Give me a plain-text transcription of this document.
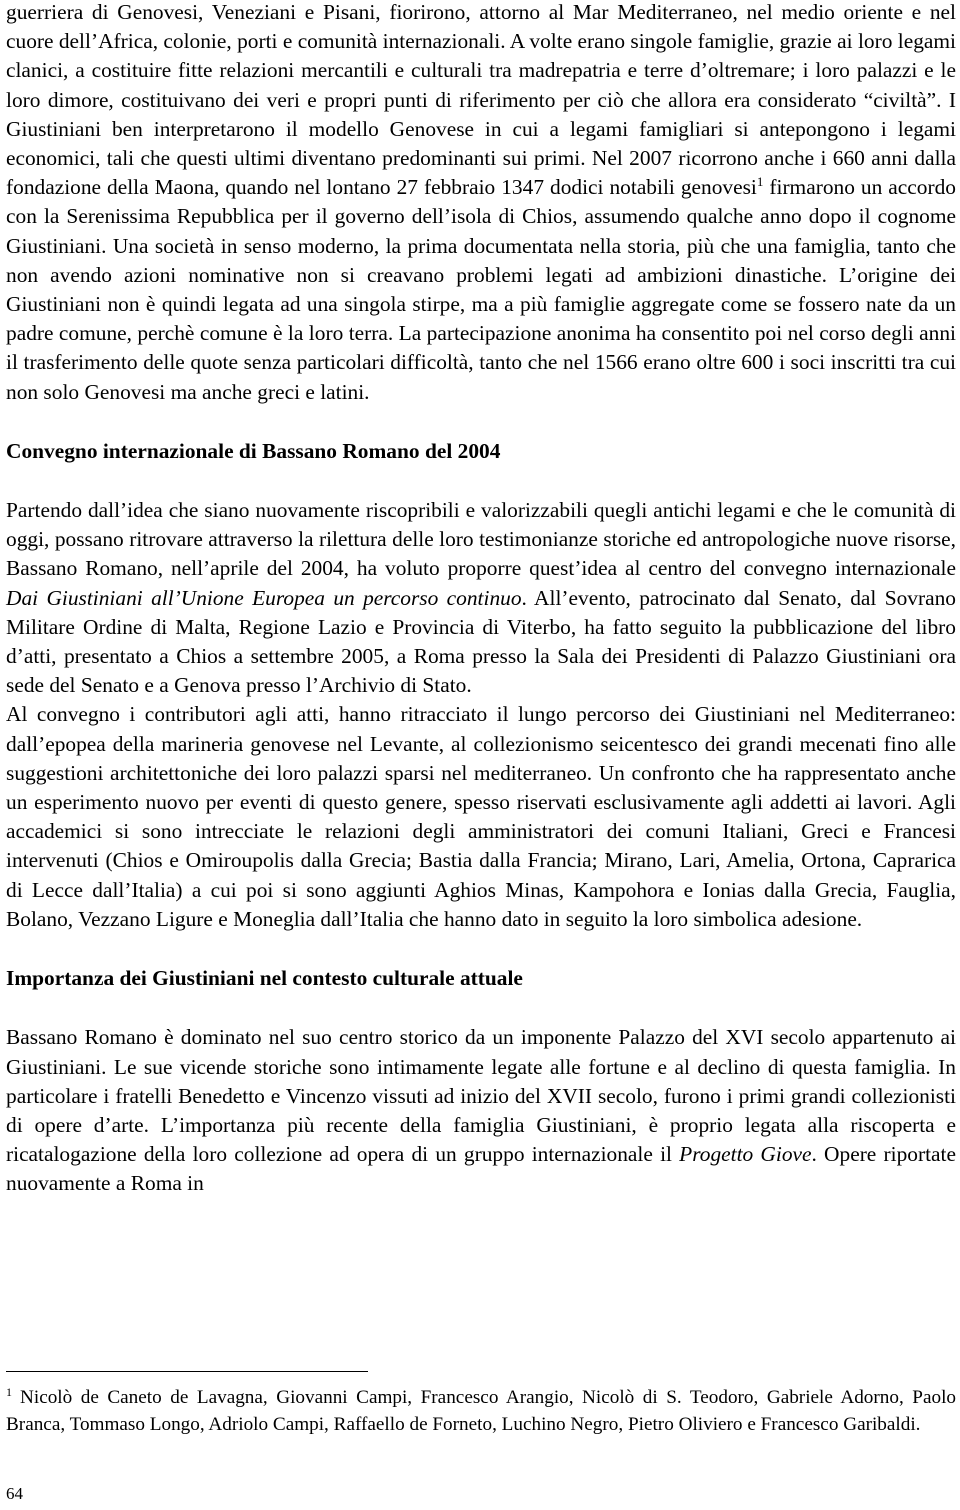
guerriera di Genovesi, Veneziani e Pisani, fiorirono, attorno al Mar Mediterraneo, nel medio oriente e nel cuore dell’Africa, colonie, porti e comunità internazionali. A volte erano singole famiglie, grazie ai loro legami clanici, a costituire fitte relazioni mercantili e culturali tra madrepatria e terre d’oltremare; i loro palazzi e le loro dimore, costituivano dei veri e propri punti di riferimento per ciò che allora era considerato “civiltà”. I Giustiniani ben interpretarono il modello Genovese in cui a legami famigliari si antepongono i legami economici, tali che questi ultimi diventano predominanti sui primi. Nel 2007 ricorrono anche i 660 anni dalla fondazione della Maona, quando nel lontano 27 febbraio 1347 dodici notabili genovesi$^1$ firmarono un accordo con la Serenissima Repubblica per il governo dell’isola di Chios, assumendo qualche anno dopo il cognome Giustiniani. Una società in senso moderno, la prima documentata nella storia, più che una famiglia, tanto che non avendo azioni nominative non si creavano problemi legati ad ambizioni dinastiche. L’origine dei Giustiniani non è quindi legata ad una singola stirpe, ma a più famiglie aggregate come se fossero nate da un padre comune, perchè comune è la loro terra. La partecipazione anonima ha consentito poi nel corso degli anni il trasferimento delle quote senza particolari difficoltà, tanto che nel 1566 erano oltre 600 i soci inscritti tra cui non solo Genovesi ma anche greci e latini.

Convegno internazionale di Bassano Romano del 2004

Partendo dall’idea che siano nuovamente riscopribili e valorizzabili quegli antichi legami e che le comunità di oggi, possano ritrovare attraverso la rilettura delle loro testimonianze storiche ed antropologiche nuove risorse, Bassano Romano, nell’aprile del 2004, ha voluto proporre quest’idea al centro del convegno internazionale Dai Giustiniani all’Unione Europea un percorso continuo. All’evento, patrocinato dal Senato, dal Sovrano Militare Ordine di Malta, Regione Lazio e Provincia di Viterbo, ha fatto seguito la pubblicazione del libro d’atti, presentato a Chios a settembre 2005, a Roma presso la Sala dei Presidenti di Palazzo Giustiniani ora sede del Senato e a Genova presso l’Archivio di Stato.

Al convegno i contributori agli atti, hanno ritracciato il lungo percorso dei Giustiniani nel Mediterraneo: dall’epopea della marineria genovese nel Levante, al collezionismo seicentesco dei grandi mecenati fino alle suggestioni architettoniche dei loro palazzi sparsi nel mediterraneo. Un confronto che ha rappresentato anche un esperimento nuovo per eventi di questo genere, spesso riservati esclusivamente agli addetti ai lavori. Agli accademici si sono intrecciate le relazioni degli amministratori dei comuni Italiani, Greci e Francesi intervenuti (Chios e Omiroupolis dalla Grecia; Bastia dalla Francia; Mirano, Lari, Amelia, Ortona, Caprarica di Lecce dall’Italia) a cui poi si sono aggiunti Aghios Minas, Kampohora e Ionias dalla Grecia, Fauglia, Bolano, Vezzano Ligure e Moneglia dall’Italia che hanno dato in seguito la loro simbolica adesione.

Importanza dei Giustiniani nel contesto culturale attuale

Bassano Romano è dominato nel suo centro storico da un imponente Palazzo del XVI secolo appartenuto ai Giustiniani. Le sue vicende storiche sono intimamente legate alle fortune e al declino di questa famiglia. In particolare i fratelli Benedetto e Vincenzo vissuti ad inizio del XVII secolo, furono i primi grandi collezionisti di opere d’arte. L’importanza più recente della famiglia Giustiniani, è proprio legata alla riscoperta e ricatalogazione della loro collezione ad opera di un gruppo internazionale il Progetto Giove. Opere riportate nuovamente a Roma in

$^1$ Nicolò de Caneto de Lavagna, Giovanni Campi, Francesco Arangio, Nicolò di S. Teodoro, Gabriele Adorno, Paolo Branca, Tommaso Longo, Adriolo Campi, Raffaello de Forneto, Luchino Negro, Pietro Oliviero e Francesco Garibaldi.
64
